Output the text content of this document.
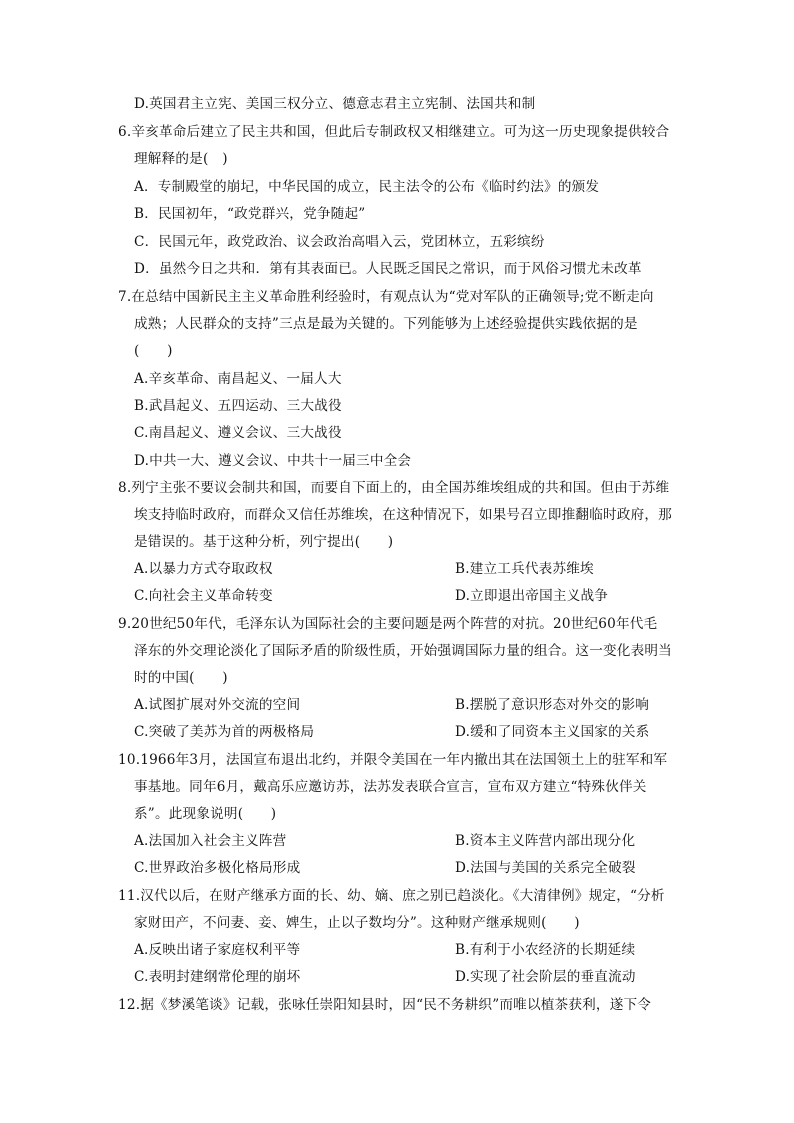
D.英国君主立宪、美国三权分立、德意志君主立宪制、法国共和制
6.辛亥革命后建立了民主共和国，但此后专制政权又相继建立。可为这一历史现象提供较合
理解释的是(　)
A．专制殿堂的崩圮，中华民国的成立，民主法令的公布《临时约法》的颁发
B．民国初年，“政党群兴，党争随起”
C．民国元年，政党政治、议会政治高唱入云，党团林立，五彩缤纷
D．虽然今日之共和．第有其表面已。人民既乏国民之常识，而于风俗习惯尤未改革
7.在总结中国新民主主义革命胜利经验时，有观点认为“党对军队的正确领导;党不断走向
成熟；人民群众的支持”三点是最为关键的。下列能够为上述经验提供实践依据的是
(　　)
A.辛亥革命、南昌起义、一届人大
B.武昌起义、五四运动、三大战役
C.南昌起义、遵义会议、三大战役
D.中共一大、遵义会议、中共十一届三中全会
8.列宁主张不要议会制共和国，而要自下面上的，由全国苏维埃组成的共和国。但由于苏维
埃支持临时政府，而群众又信任苏维埃，在这种情况下，如果号召立即推翻临时政府，那
是错误的。基于这种分析，列宁提出(　　)
A.以暴力方式夺取政权	B.建立工兵代表苏维埃
C.向社会主义革命转变	D.立即退出帝国主义战争
9.20世纪50年代，毛泽东认为国际社会的主要问题是两个阵营的对抗。20世纪60年代毛
泽东的外交理论淡化了国际矛盾的阶级性质，开始强调国际力量的组合。这一变化表明当
时的中国(　　)
A.试图扩展对外交流的空间	B.摆脱了意识形态对外交的影响
C.突破了美苏为首的两极格局	D.缓和了同资本主义国家的关系
10.1966年3月，法国宣布退出北约，并限令美国在一年内撤出其在法国领土上的驻军和军
事基地。同年6月，戴高乐应邀访苏，法苏发表联合宣言，宣布双方建立“特殊伙伴关
系”。此现象说明(　　)
A.法国加入社会主义阵营	B.资本主义阵营内部出现分化
C.世界政治多极化格局形成	D.法国与美国的关系完全破裂
11.汉代以后，在财产继承方面的长、幼、嫡、庶之别已趋淡化。《大清律例》规定，“分析
家财田产，不问妻、妾、婢生，止以子数均分”。这种财产继承规则(　　)
A.反映出诸子家庭权利平等	B.有利于小农经济的长期延续
C.表明封建纲常伦理的崩坏	D.实现了社会阶层的垂直流动
12.据《梦溪笔谈》记载，张咏任崇阳知县时，因“民不务耕织”而唯以植茶获利，遂下令
